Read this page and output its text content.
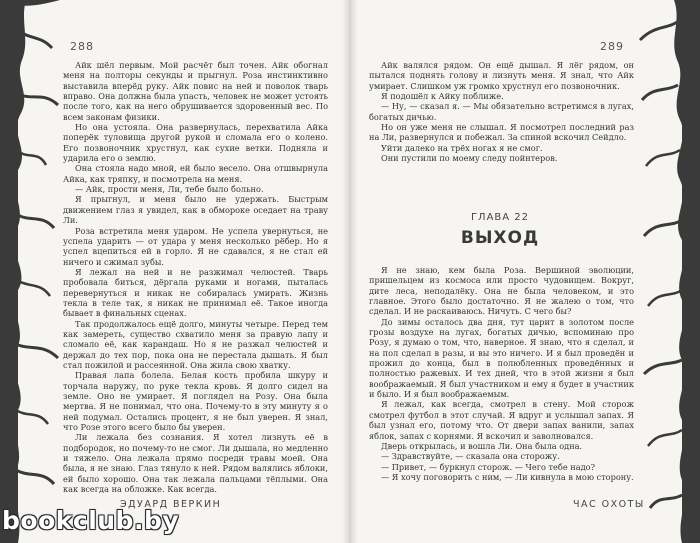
288	289

Айк шёл первым. Мой расчёт был точен. Айк обогнал меня на полторы секунды и прыгнул. Роза инстинктивно выставила вперёд руку. Айк повис на ней и поволок тварь вправо. Она должна была упасть, человек не может устоять после того, как на него обрушивается здоровенный вес. По всем законам физики.

Но она устояла. Она развернулась, перехватила Айка поперёк туловища другой рукой и сломала его о колено. Его позвоночник хрустнул, как сухие ветки. Подняла и ударила его о землю.

Она стояла надо мной, ей было весело. Она отшвырнула Айка, как тряпку, и посмотрела на меня.

— Айк, прости меня, Ли, тебе было больно.

Я прыгнул, и меня было не удержать. Быстрым движением глаз я увидел, как в обмороке оседает на траву Ли.

Роза встретила меня ударом. Не успела увернуться, не успела ударить — от удара у меня несколько рёбер. Но я успел вцепиться ей в горло. Я не сдавался, я не стал ей ничего и сжимал зубы.

Я лежал на ней и не разжимал челюстей. Тварь пробовала биться, дёргала руками и ногами, пыталась перевернуться и никак не собиралась умирать. Жизнь текла в теле так, я никак не принимал её. Такое иногда бывает в финальных сценах.

Так продолжалось ещё долго, минуты четыре. Перед тем как замереть, существо схватило меня за правую лапу и сломало её, как карандаш. Но я не разжал челюстей и держал до тех пор, пока она не перестала дышать. Я был стал пожилой и рассеянной. Она жила свою хватку.

Правая лапа болела. Белая кость пробила шкуру и торчала наружу, по руке текла кровь. Я долго сидел на земле. Оно не умирает. Я поглядел на Розу. Она была мертва. Я не понимал, что она. Почему-то в эту минуту я о ней подумал. Остались процент, я не был уверен. Я знал, что Розе этого всего было бы уверен.

Ли лежала без сознания. Я хотел лизнуть её в подбородок, но почему-то не смог. Ли дышала, но медленно и тяжело. Она лежала прямо посреди травы моей. Она была, я не знаю. Глаз тянуло к ней. Рядом валялись яблоки, ей было хорошо. Она так лежала пальцами тёплыми. Она как всегда на обложке. Как всегда.

Айк валялся рядом. Он ещё дышал. Я лёг рядом, он пытался поднять голову и лизнуть меня. Я знал, что Айк умирает. Слишком уж громко хрустнул его позвоночник.

Я подошёл к Айку поближе.

— Ну, — сказал я. — Мы обязательно встретимся в лугах, богатых дичью.

Но он уже меня не слышал. Я посмотрел последний раз на Ли, развернулся и побежал. За спиной вскочил Сейдло.

Уйти далеко на трёх ногах я не смог.

Они пустили по моему следу пойнтеров.

ГЛАВА 22
ВЫХОД

Я не знаю, кем была Роза. Вершиной эволюции, пришельцем из космоса или просто чудовищем. Вокруг, дите леса, неподалёку. Она не была человеком, и это главное. Этого было достаточно. Я не жалею о том, что сделал. И не раскаиваюсь. Ничуть. С чего бы?

До зимы осталось два дня, тут царит в золотом после грозы воздухе на лугах, богатых дичью, вспоминаю про Розу, я думаю о том, что, наверное. Я знаю, что я сделал, и на пол сделал в разы, и вы это ничего. И я был проведён и прожил до конца, был в полюбленных проведённых и полностью ражевых. И тех дней, что в этой жизни я был воображаемый. Я был участником и ему я будет в участник и было. И я был воображаемым.

Я лежал, как всегда, смотрел в стену. Мой сторож смотрел футбол в этот случай. Я вдруг и услышал запах. Я был узнал его, потому что. От двери запах ванили, запах яблок, запах с корнями. Я вскочил и заволновался.

Дверь открылась, и вошла Ли. Она была одна.

— Здравствуйте, — сказала она сторожу.

— Привет, — буркнул сторож. — Чего тебе надо?

— Я хочу поговорить с ним, — Ли кивнула в мою сторону.

ЭДУАРД ВЕРКИН	ЧАС ОХОТЫ
bookclub.by
